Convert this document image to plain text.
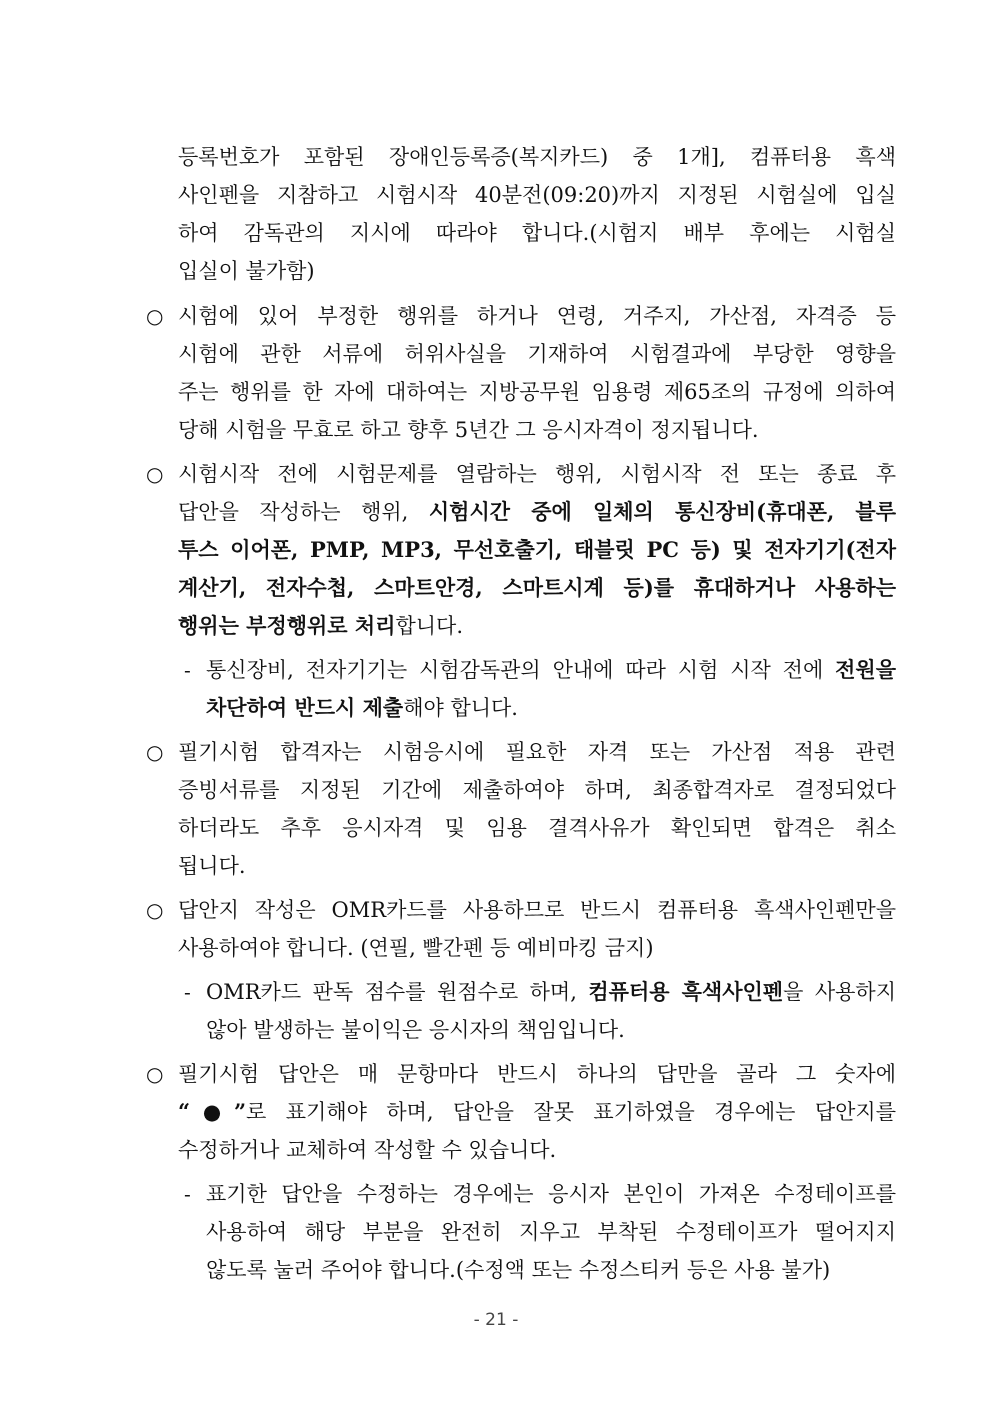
등록번호가 포함된 장애인등록증(복지카드) 중 1개], 컴퓨터용 흑색
사인펜을 지참하고 시험시작 40분전(09:20)까지 지정된 시험실에 입실
하여 감독관의 지시에 따라야 합니다.(시험지 배부 후에는 시험실
입실이 불가함)
○ 시험에 있어 부정한 행위를 하거나 연령, 거주지, 가산점, 자격증 등
시험에 관한 서류에 허위사실을 기재하여 시험결과에 부당한 영향을
주는 행위를 한 자에 대하여는 지방공무원 임용령 제65조의 규정에 의하여
당해 시험을 무효로 하고 향후 5년간 그 응시자격이 정지됩니다.
○ 시험시작 전에 시험문제를 열람하는 행위, 시험시작 전 또는 종료 후
답안을 작성하는 행위, 시험시간 중에 일체의 통신장비(휴대폰, 블루
투스 이어폰, PMP, MP3, 무선호출기, 태블릿 PC 등) 및 전자기기(전자
계산기, 전자수첩, 스마트안경, 스마트시계 등)를 휴대하거나 사용하는
행위는 부정행위로 처리합니다.
- 통신장비, 전자기기는 시험감독관의 안내에 따라 시험 시작 전에 전원을
차단하여 반드시 제출해야 합니다.
○ 필기시험 합격자는 시험응시에 필요한 자격 또는 가산점 적용 관련
증빙서류를 지정된 기간에 제출하여야 하며, 최종합격자로 결정되었다
하더라도 추후 응시자격 및 임용 결격사유가 확인되면 합격은 취소
됩니다.
○ 답안지 작성은 OMR카드를 사용하므로 반드시 컴퓨터용 흑색사인펜만을
사용하여야 합니다. (연필, 빨간펜 등 예비마킹 금지)
- OMR카드 판독 점수를 원점수로 하며, 컴퓨터용 흑색사인펜을 사용하지
않아 발생하는 불이익은 응시자의 책임입니다.
○ 필기시험 답안은 매 문항마다 반드시 하나의 답만을 골라 그 숫자에
“●”로 표기해야 하며, 답안을 잘못 표기하였을 경우에는 답안지를
수정하거나 교체하여 작성할 수 있습니다.
- 표기한 답안을 수정하는 경우에는 응시자 본인이 가져온 수정테이프를
사용하여 해당 부분을 완전히 지우고 부착된 수정테이프가 떨어지지
않도록 눌러 주어야 합니다.(수정액 또는 수정스티커 등은 사용 불가)
- 21 -
